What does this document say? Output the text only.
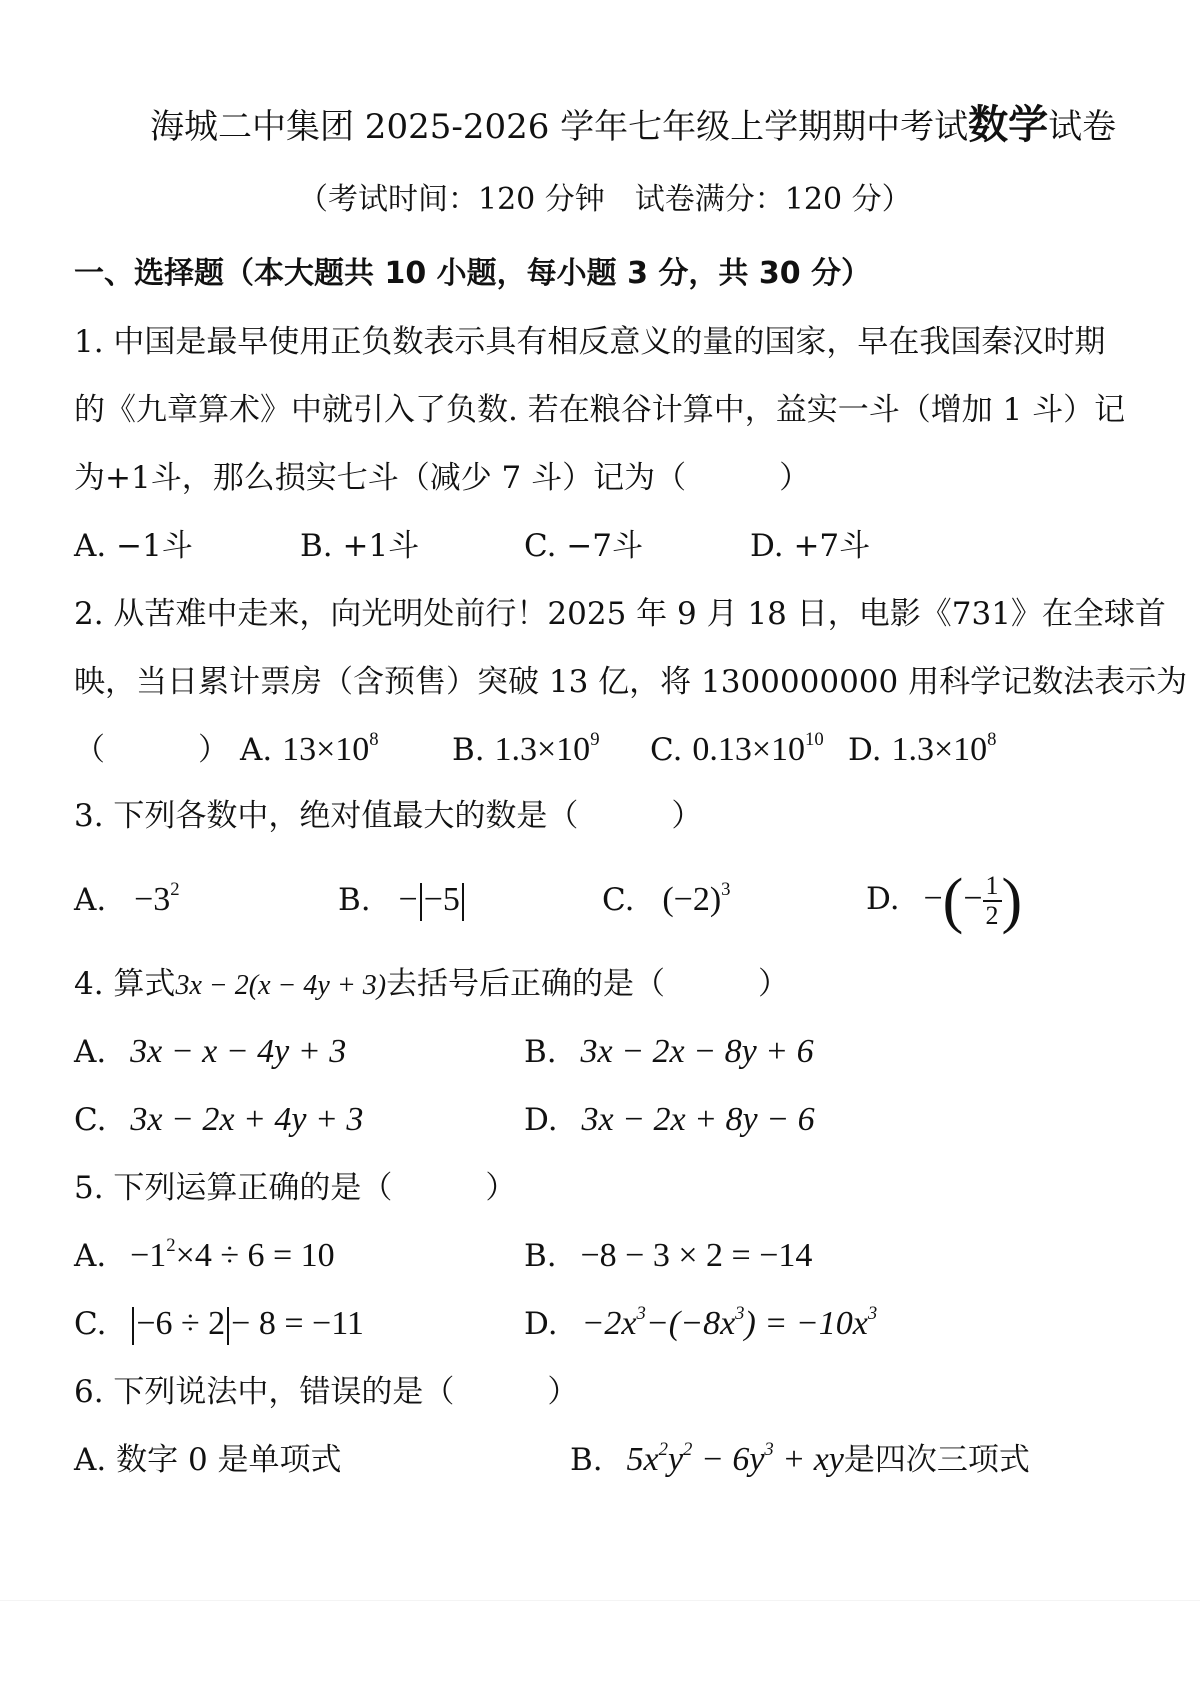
海城二中集团 2025-2026 学年七年级上学期期中考试数学试卷
（考试时间：120 分钟　试卷满分：120 分）
一、选择题（本大题共 10 小题，每小题 3 分，共 30 分）
1. 中国是最早使用正负数表示具有相反意义的量的国家，早在我国秦汉时期
的《九章算术》中就引入了负数. 若在粮谷计算中，益实一斗（增加 1 斗）记
为+1斗，那么损实七斗（减少 7 斗）记为（　　　）
A. −1斗	B. +1斗	C. −7斗	D. +7斗
2. 从苦难中走来，向光明处前行！2025 年 9 月 18 日，电影《731》在全球首
映，当日累计票房（含预售）突破 13 亿，将 1300000000 用科学记数法表示为
（　　　） A. $13\times 10^8$ B. $1.3\times 10^9$ C. $0.13\times 10^{10}$ D. $1.3\times 10^8$
3. 下列各数中，绝对值最大的数是（　　　）
A. $-3^2$	B. − −5	C. $(-2)^3$	D. −(− $\frac{1}{2}$ )
4. 算式3x − 2(x − 4y + 3)去括号后正确的是（　　　）
A. 3x − x − 4y + 3	B. 3x − 2x − 8y + 6
C. 3x − 2x + 4y + 3	D. 3x − 2x + 8y − 6
5. 下列运算正确的是（　　　）
A. $-1^2\times 4 \div 6 = 10$	B. −8 − 3 × 2 = −14
C. −6 ÷ 2 − 8 = −11	D. $-2x^3-(-8x^3) = -10x^3$
6. 下列说法中，错误的是（　　　）
A. 数字 0 是单项式	B. $5x^2y^2 - 6y^3$ + xy是四次三项式
